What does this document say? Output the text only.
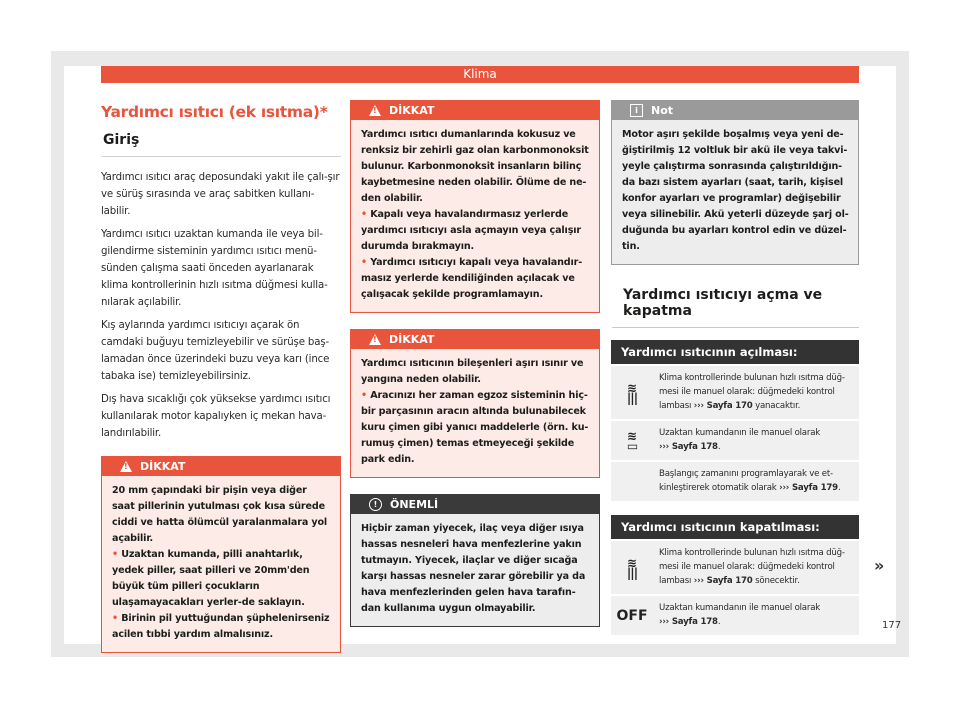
Klima
Yardımcı ısıtıcı (ek ısıtma)*
Giriş

Yardımcı ısıtıcı araç deposundaki yakıt ile çalı-şır ve sürüş sırasında ve araç sabitken kullanı-labilir.

Yardımcı ısıtıcı uzaktan kumanda ile veya bil-gilendirme sisteminin yardımcı ısıtıcı menü-sünden çalışma saati önceden ayarlanarak klima kontrollerinin hızlı ısıtma düğmesi kulla-nılarak açılabilir.

Kış aylarında yardımcı ısıtıcıyı açarak ön camdaki buğuyu temizleyebilir ve sürüşe baş-lamadan önce üzerindeki buzu veya karı (ince tabaka ise) temizleyebilirsiniz.

Dış hava sıcaklığı çok yüksekse yardımcı ısıtıcı kullanılarak motor kapalıyken iç mekan hava-landırılabilir.

!
DİKKAT

20 mm çapındaki bir pişin veya diğer saat pillerinin yutulması çok kısa sürede ciddi ve hatta ölümcül yaralanmalara yol açabilir.

• Uzaktan kumanda, pilli anahtarlık, yedek piller, saat pilleri ve 20mm'den büyük tüm pilleri çocukların ulaşamayacakları yerler-de saklayın.

• Birinin pil yuttuğundan şüphelenirseniz acilen tıbbi yardım almalısınız.

!
DİKKAT

Yardımcı ısıtıcı dumanlarında kokusuz ve renksiz bir zehirli gaz olan karbonmonoksit bulunur. Karbonmonoksit insanların bilinç kaybetmesine neden olabilir. Ölüme de ne-den olabilir.

• Kapalı veya havalandırmasız yerlerde yardımcı ısıtıcıyı asla açmayın veya çalışır durumda bırakmayın.

• Yardımcı ısıtıcıyı kapalı veya havalandır-masız yerlerde kendiliğinden açılacak ve çalışacak şekilde programlamayın.

!
DİKKAT

Yardımcı ısıtıcının bileşenleri aşırı ısınır ve yangına neden olabilir.

• Aracınızı her zaman egzoz sisteminin hiç-bir parçasının aracın altında bulunabilecek kuru çimen gibi yanıcı maddelerle (örn. ku-rumuş çimen) temas etmeyeceği şekilde park edin.

!	ÖNEMLİ

Hiçbir zaman yiyecek, ilaç veya diğer ısıya hassas nesneleri hava menfezlerine yakın tutmayın. Yiyecek, ilaçlar ve diğer sıcağa karşı hassas nesneler zarar görebilir ya da hava menfezlerinden gelen hava tarafın-dan kullanıma uygun olmayabilir.

i	Not

Motor aşırı şekilde boşalmış veya yeni de-ğiştirilmiş 12 voltluk bir akü ile veya takvi-yeyle çalıştırma sonrasında çalıştırıldığın-da bazı sistem ayarları (saat, tarih, kişisel konfor ayarları ve programlar) değişebilir veya silinebilir. Akü yeterli düzeyde şarj ol-duğunda bu ayarları kontrol edin ve düzel-tin.

Yardımcı ısıtıcıyı açma ve kapatma
Yardımcı ısıtıcının açılması:
≋
|||
Klima kontrollerinde bulunan hızlı ısıtma düğ-mesi ile manuel olarak: düğmedeki kontrol lambası ››› Sayfa 170 yanacaktır.
≋
▭
Uzaktan kumandanın ile manuel olarak
››› Sayfa 178.
Başlangıç zamanını programlayarak ve et-kinleştirerek otomatik olarak ››› Sayfa 179.
Yardımcı ısıtıcının kapatılması:
≋
|||
Klima kontrollerinde bulunan hızlı ısıtma düğ-mesi ile manuel olarak: düğmedeki kontrol lambası ››› Sayfa 170 sönecektir.
OFF	Uzaktan kumandanın ile manuel olarak
››› Sayfa 178.
»
177
